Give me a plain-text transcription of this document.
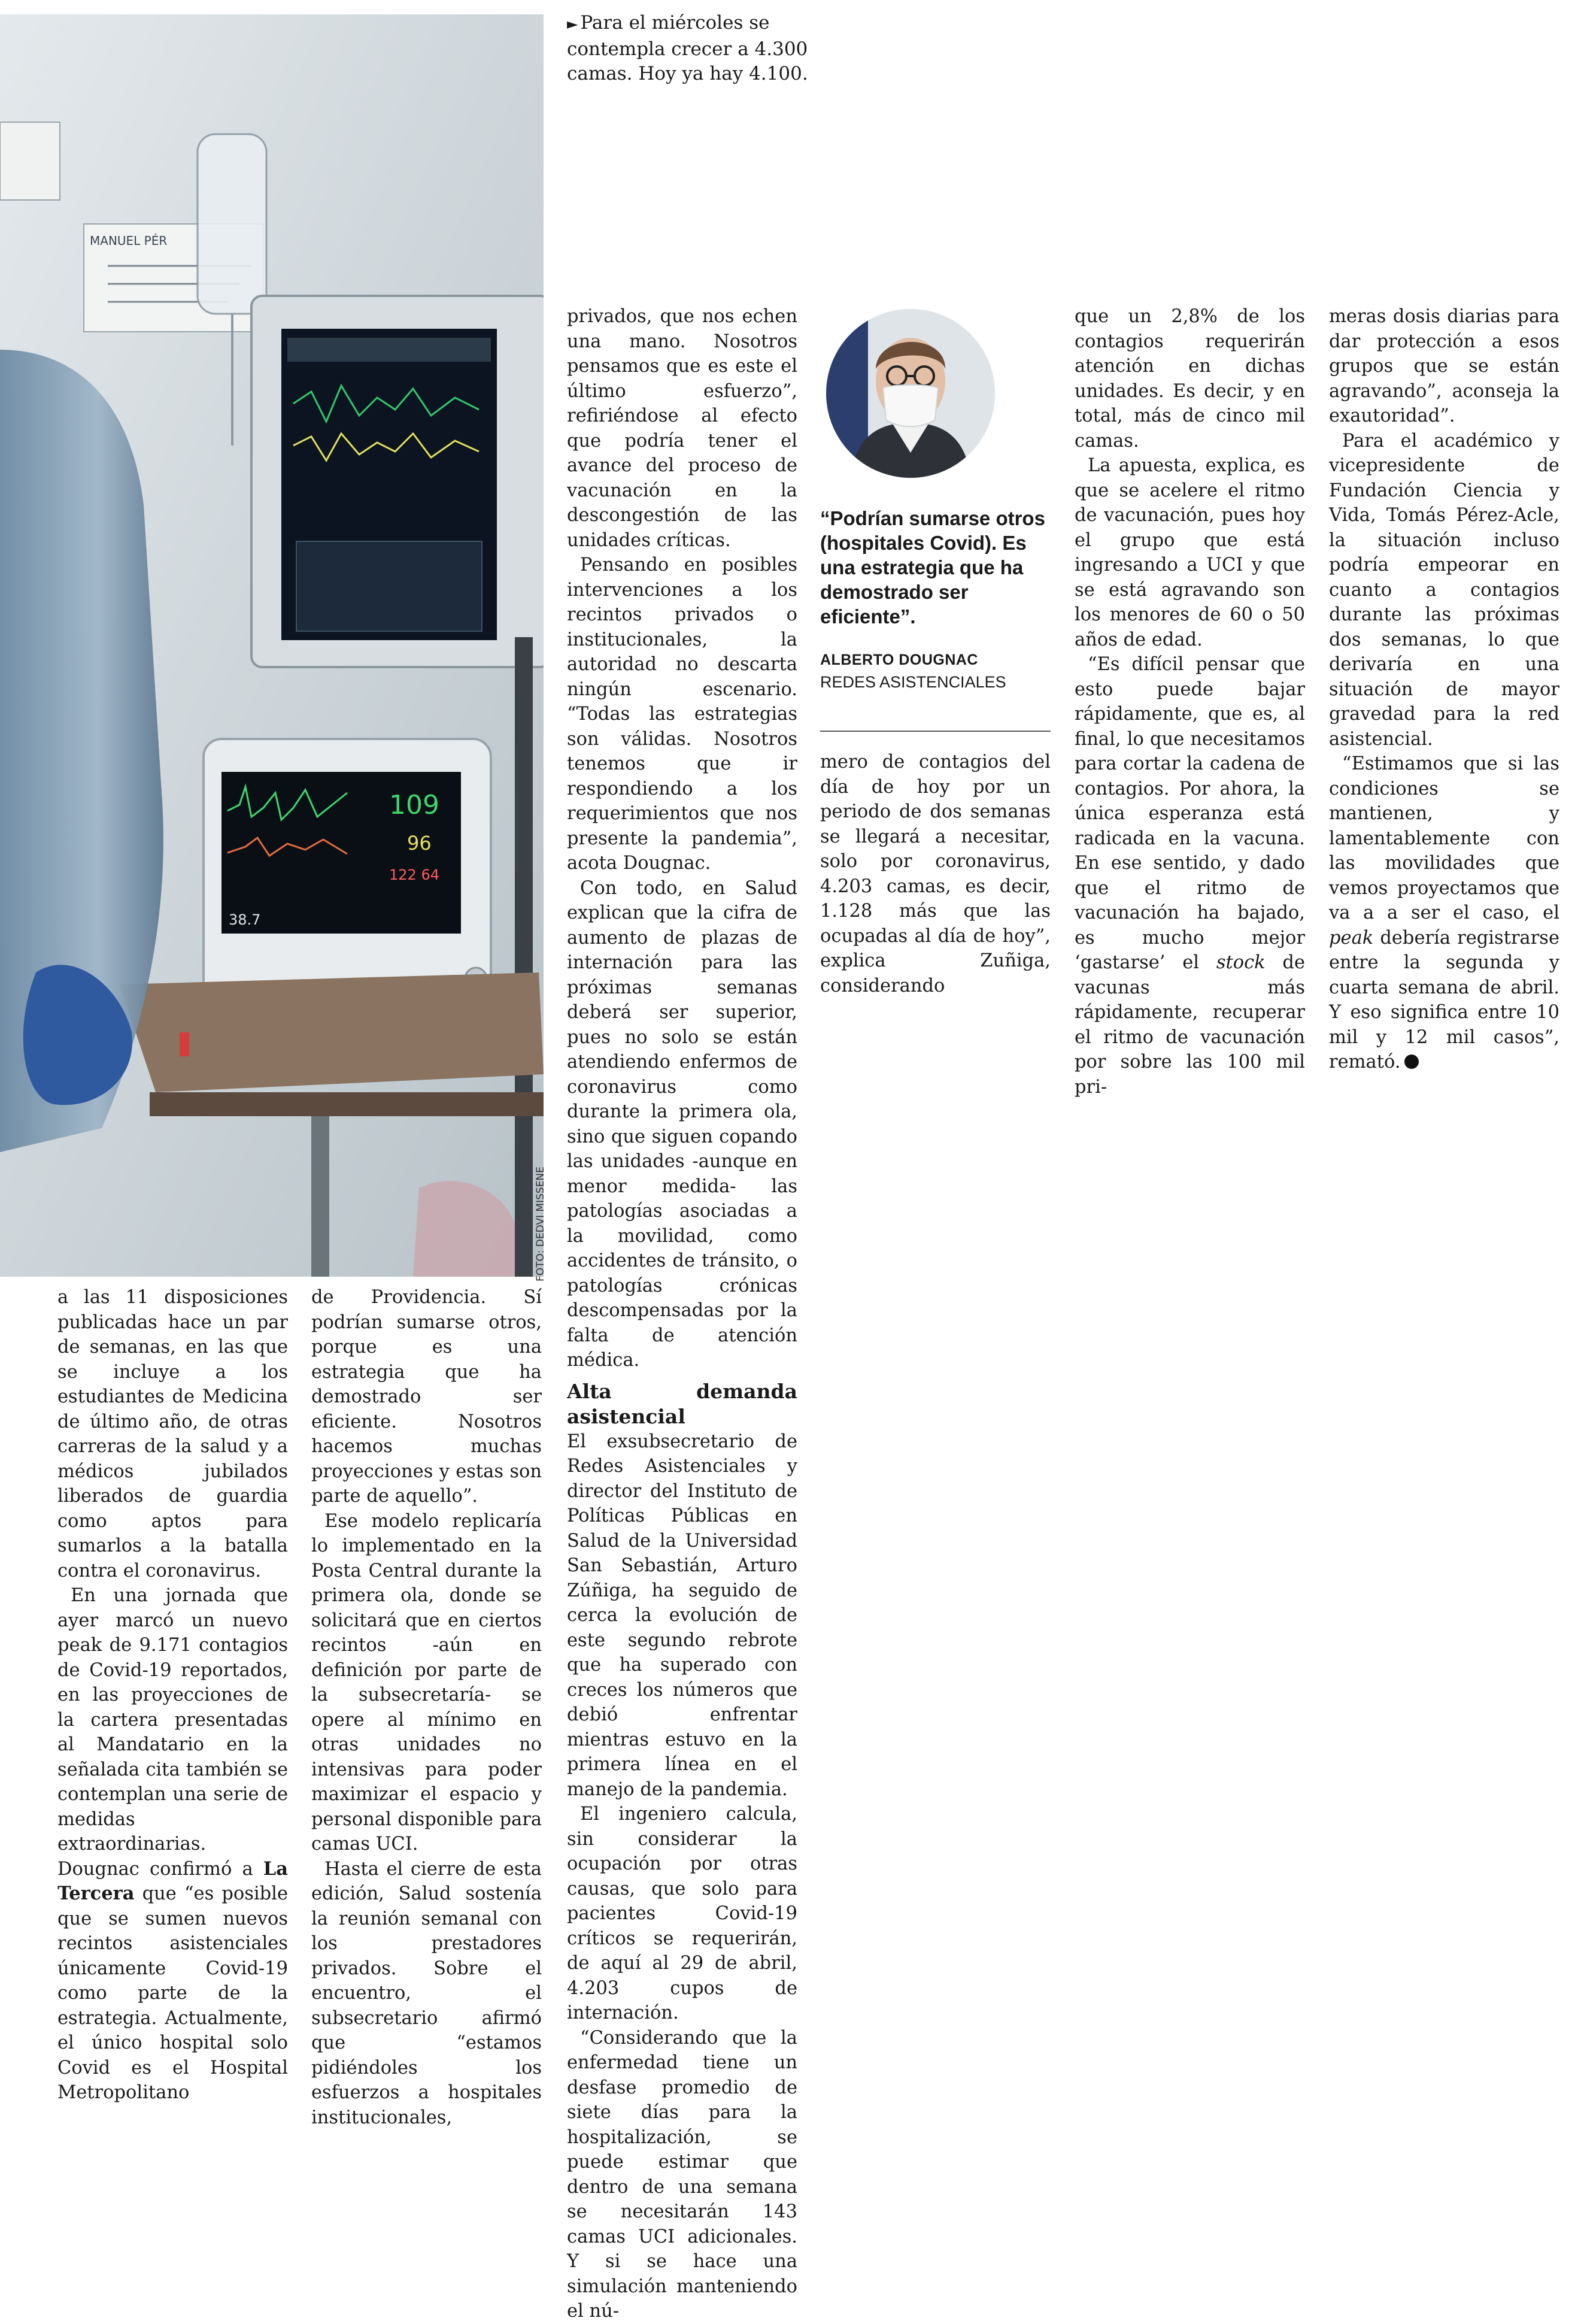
MANUEL PÉR
109
96
122 64
38.7
FOTO: DEDVI MISSENE
► Para el miércoles se contempla crecer a 4.300 camas. Hoy ya hay 4.100.
“Podrían sumarse otros (hospitales Covid). Es una estrategia que ha demostrado ser eficiente”.
ALBERTO DOUGNAC
REDES ASISTENCIALES

a las 11 disposiciones publicadas hace un par de semanas, en las que se incluye a los estudiantes de Medicina de último año, de otras carreras de la salud y a médicos jubilados liberados de guardia como aptos para sumarlos a la batalla contra el coronavirus.

En una jornada que ayer marcó un nuevo peak de 9.171 contagios de Covid-19 reportados, en las proyecciones de la cartera presentadas al Mandatario en la señalada cita también se contemplan una serie de medidas extraordinarias. Dougnac confirmó a La Tercera que “es posible que se sumen nuevos recintos asistenciales únicamente Covid-19 como parte de la estrategia. Actualmente, el único hospital solo Covid es el Hospital Metropolitano

de Providencia. Sí podrían sumarse otros, porque es una estrategia que ha demostrado ser eficiente. Nosotros hacemos muchas proyecciones y estas son parte de aquello”.

Ese modelo replicaría lo implementado en la Posta Central durante la primera ola, donde se solicitará que en ciertos recintos -aún en definición por parte de la subsecretaría- se opere al mínimo en otras unidades no intensivas para poder maximizar el espacio y personal disponible para camas UCI.

Hasta el cierre de esta edición, Salud sostenía la reunión semanal con los prestadores privados. Sobre el encuentro, el subsecretario afirmó que “estamos pidiéndoles los esfuerzos a hospitales institucionales,

privados, que nos echen una mano. Nosotros pensamos que es este el último esfuerzo”, refiriéndose al efecto que podría tener el avance del proceso de vacunación en la descongestión de las unidades críticas.

Pensando en posibles intervenciones a los recintos privados o institucionales, la autoridad no descarta ningún escenario. “Todas las estrategias son válidas. Nosotros tenemos que ir respondiendo a los requerimientos que nos presente la pandemia”, acota Dougnac.

Con todo, en Salud explican que la cifra de aumento de plazas de internación para las próximas semanas deberá ser superior, pues no solo se están atendiendo enfermos de coronavirus como durante la primera ola, sino que siguen copando las unidades -aunque en menor medida- las patologías asociadas a la movilidad, como accidentes de tránsito, o patologías crónicas descompensadas por la falta de atención médica.

Alta demanda asistencial

El exsubsecretario de Redes Asistenciales y director del Instituto de Políticas Públicas en Salud de la Universidad San Sebastián, Arturo Zúñiga, ha seguido de cerca la evolución de este segundo rebrote que ha superado con creces los números que debió enfrentar mientras estuvo en la primera línea en el manejo de la pandemia.

El ingeniero calcula, sin considerar la ocupación por otras causas, que solo para pacientes Covid-19 críticos se requerirán, de aquí al 29 de abril, 4.203 cupos de internación.

“Considerando que la enfermedad tiene un desfase promedio de siete días para la hospitalización, se puede estimar que dentro de una semana se necesitarán 143 camas UCI adicionales. Y si se hace una simulación manteniendo el nú-

mero de contagios del día de hoy por un periodo de dos semanas se llegará a necesitar, solo por coronavirus, 4.203 camas, es decir, 1.128 más que las ocupadas al día de hoy”, explica Zuñiga, considerando

que un 2,8% de los contagios requerirán atención en dichas unidades. Es decir, y en total, más de cinco mil camas.

La apuesta, explica, es que se acelere el ritmo de vacunación, pues hoy el grupo que está ingresando a UCI y que se está agravando son los menores de 60 o 50 años de edad.

“Es difícil pensar que esto puede bajar rápidamente, que es, al final, lo que necesitamos para cortar la cadena de contagios. Por ahora, la única esperanza está radicada en la vacuna. En ese sentido, y dado que el ritmo de vacunación ha bajado, es mucho mejor ‘gastarse’ el stock de vacunas más rápidamente, recuperar el ritmo de vacunación por sobre las 100 mil pri-

meras dosis diarias para dar protección a esos grupos que se están agravando”, aconseja la exautoridad”.

Para el académico y vicepresidente de Fundación Ciencia y Vida, Tomás Pérez-Acle, la situación incluso podría empeorar en cuanto a contagios durante las próximas dos semanas, lo que derivaría en una situación de mayor gravedad para la red asistencial.

“Estimamos que si las condiciones se mantienen, y lamentablemente con las movilidades que vemos proyectamos que va a a ser el caso, el peak debería registrarse entre la segunda y cuarta semana de abril. Y eso significa entre 10 mil y 12 mil casos”, remató.
